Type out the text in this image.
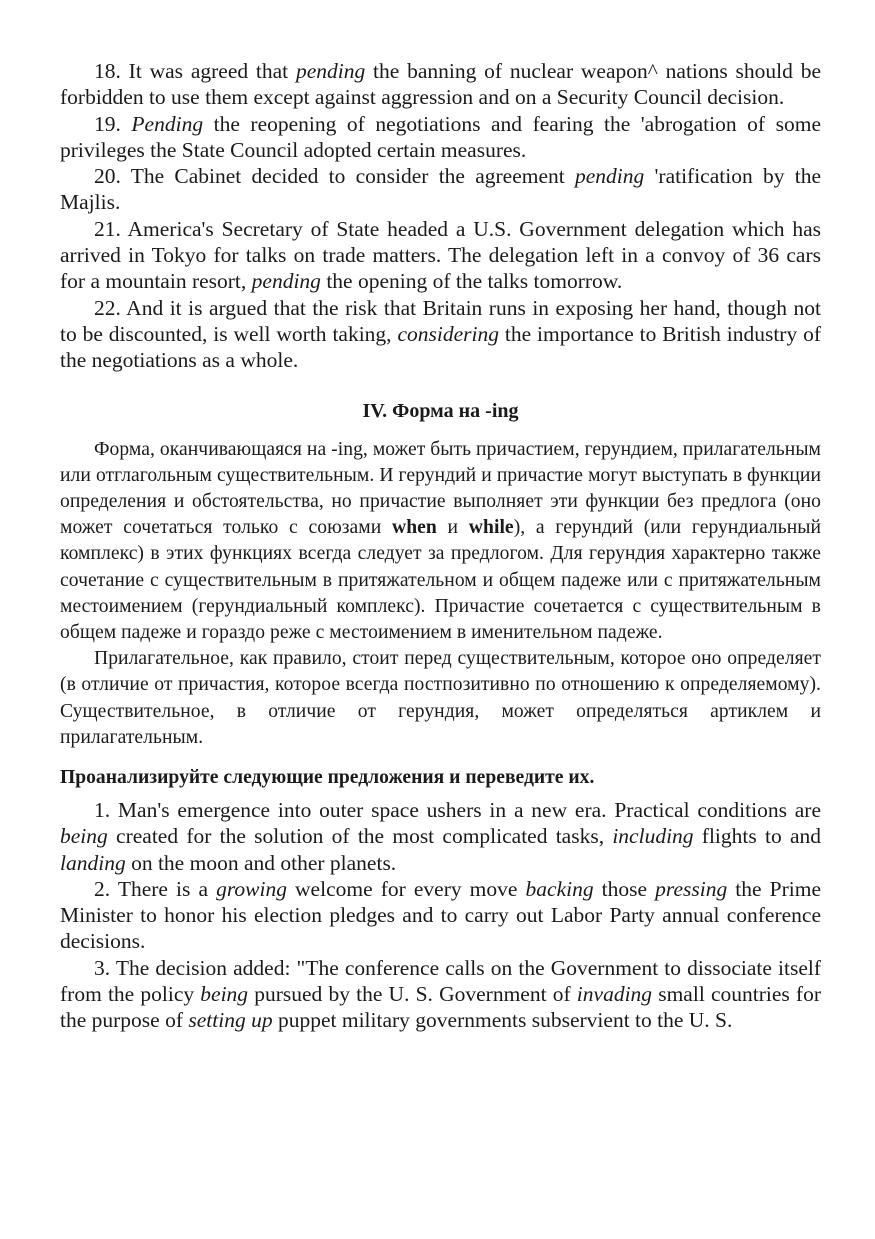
18. It was agreed that pending the banning of nuclear weapon^ nations should be forbidden to use them except against aggression and on a Security Council decision.

19. Pending the reopening of negotiations and fearing the 'abrogation of some privileges the State Council adopted certain measures.

20. The Cabinet decided to consider the agreement pending 'ratification by the Majlis.

21. America's Secretary of State headed a U.S. Government delegation which has arrived in Tokyo for talks on trade matters. The delegation left in a convoy of 36 cars for a mountain resort, pending the opening of the talks tomorrow.

22. And it is argued that the risk that Britain runs in exposing her hand, though not to be discounted, is well worth taking, considering the importance to British industry of the negotiations as a whole.

IV. Форма на -ing

Форма, оканчивающаяся на -ing, может быть причастием, герундием, прилагательным или отглагольным существительным. И герундий и причастие могут выступать в функции определения и обстоятельства, но причастие выполняет эти функции без предлога (оно может сочетаться только с союзами when и while), а герундий (или герундиальный комплекс) в этих функциях всегда следует за предлогом. Для герундия характерно также сочетание с существительным в притяжательном и общем падеже или с притяжательным местоимением (герундиальный комплекс). Причастие сочетается с существительным в общем падеже и гораздо реже с местоимением в именительном падеже.

Прилагательное, как правило, стоит перед существительным, которое оно определяет (в отличие от причастия, которое всегда постпозитивно по отношению к определяемому). Существительное, в отличие от герундия, может определяться артиклем и прилагательным.

Проанализируйте следующие предложения и переведите их.

1. Man's emergence into outer space ushers in a new era. Practical conditions are being created for the solution of the most complicated tasks, including flights to and landing on the moon and other planets.

2. There is a growing welcome for every move backing those pressing the Prime Minister to honor his election pledges and to carry out Labor Party annual conference decisions.

3. The decision added: "The conference calls on the Government to dissociate itself from the policy being pursued by the U. S. Government of invading small countries for the purpose of setting up puppet military governments subservient to the U. S.
